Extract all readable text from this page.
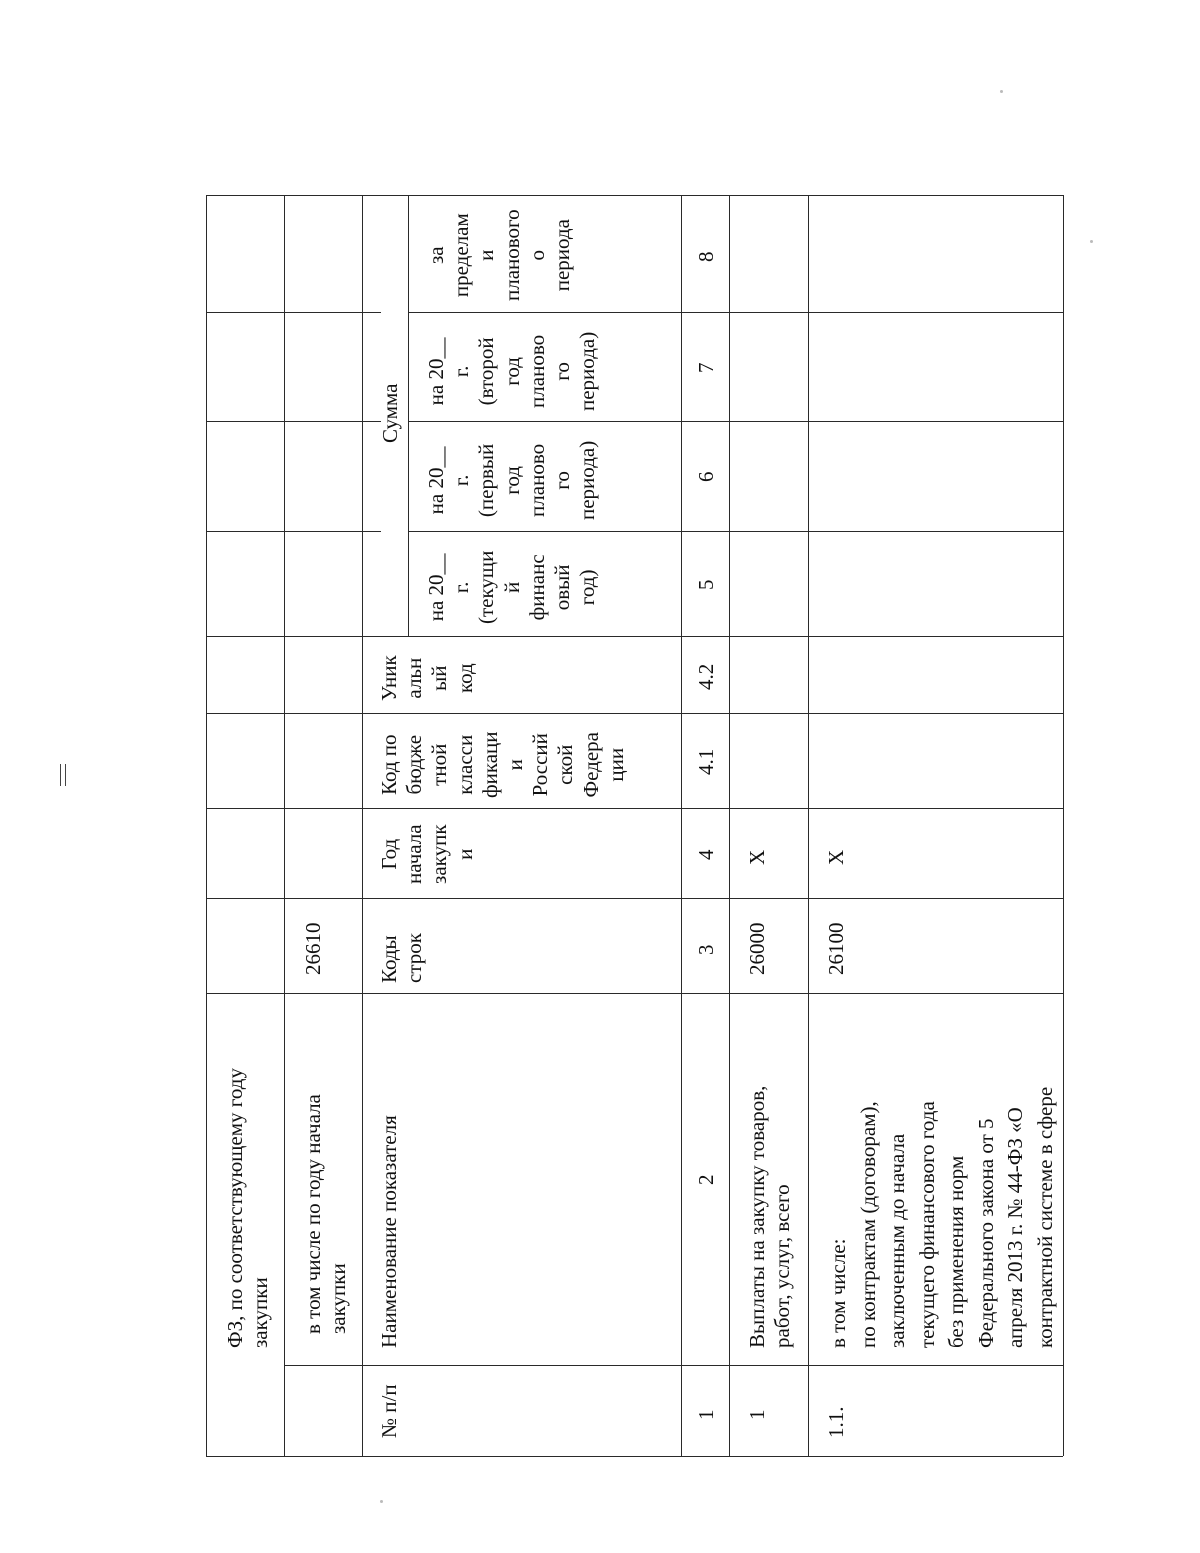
ФЗ, по соответствующему году
закупки в том числе по году начала
закупки
26610
№ п/п
Наименование показателя
Коды
строк
Год
начала
закупк
и
Код по
бюдже
тной
класси
фикаци
и
Россий
ской
Федера
ции
Уник
альн
ый
код
Сумма
на 20__
г.
(текущи
й
финанс
овый
год)
на 20__
г.
(первый
год
планово
го
периода)
на 20__
г.
(второй
год
планово
го
периода)
за
пределам
и
планового
о
периода
1
2
3
4
4.1
4.2
5
6
7
8
1
Выплаты на закупку товаров,
работ, услуг, всего
26000
Х
1.1.
в том числе:
по контрактам (договорам),
заключенным до начала
текущего финансового года
без применения норм
Федерального закона от 5
апреля 2013 г. № 44-ФЗ «О
контрактной системе в сфере
26100
Х
